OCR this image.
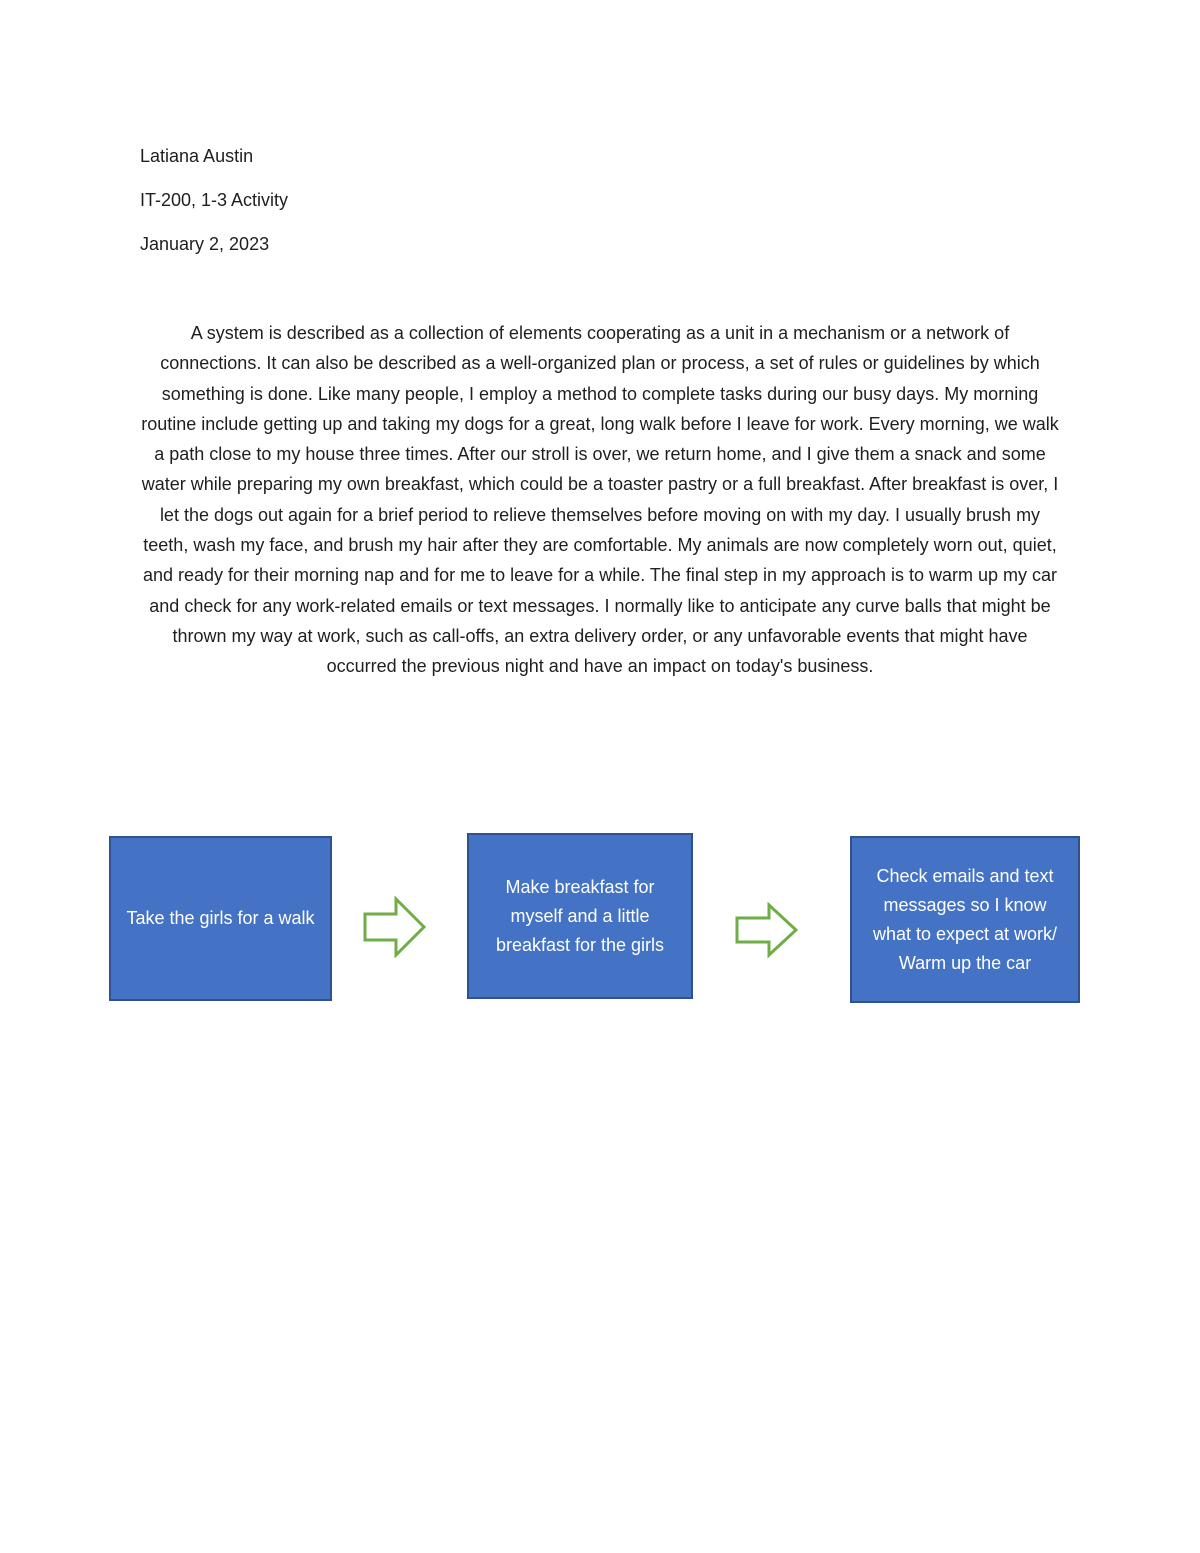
Latiana Austin
IT-200, 1-3 Activity
January 2, 2023

A system is described as a collection of elements cooperating as a unit in a mechanism or a network of connections. It can also be described as a well-organized plan or process, a set of rules or guidelines by which something is done. Like many people, I employ a method to complete tasks during our busy days. My morning routine include getting up and taking my dogs for a great, long walk before I leave for work. Every morning, we walk a path close to my house three times. After our stroll is over, we return home, and I give them a snack and some water while preparing my own breakfast, which could be a toaster pastry or a full breakfast. After breakfast is over, I let the dogs out again for a brief period to relieve themselves before moving on with my day. I usually brush my teeth, wash my face, and brush my hair after they are comfortable. My animals are now completely worn out, quiet, and ready for their morning nap and for me to leave for a while. The final step in my approach is to warm up my car and check for any work-related emails or text messages. I normally like to anticipate any curve balls that might be thrown my way at work, such as call-offs, an extra delivery order, or any unfavorable events that might have occurred the previous night and have an impact on today's business.

Take the girls for a walk
Make breakfast for myself and a little breakfast for the girls
Check emails and text messages so I know what to expect at work/ Warm up the car
